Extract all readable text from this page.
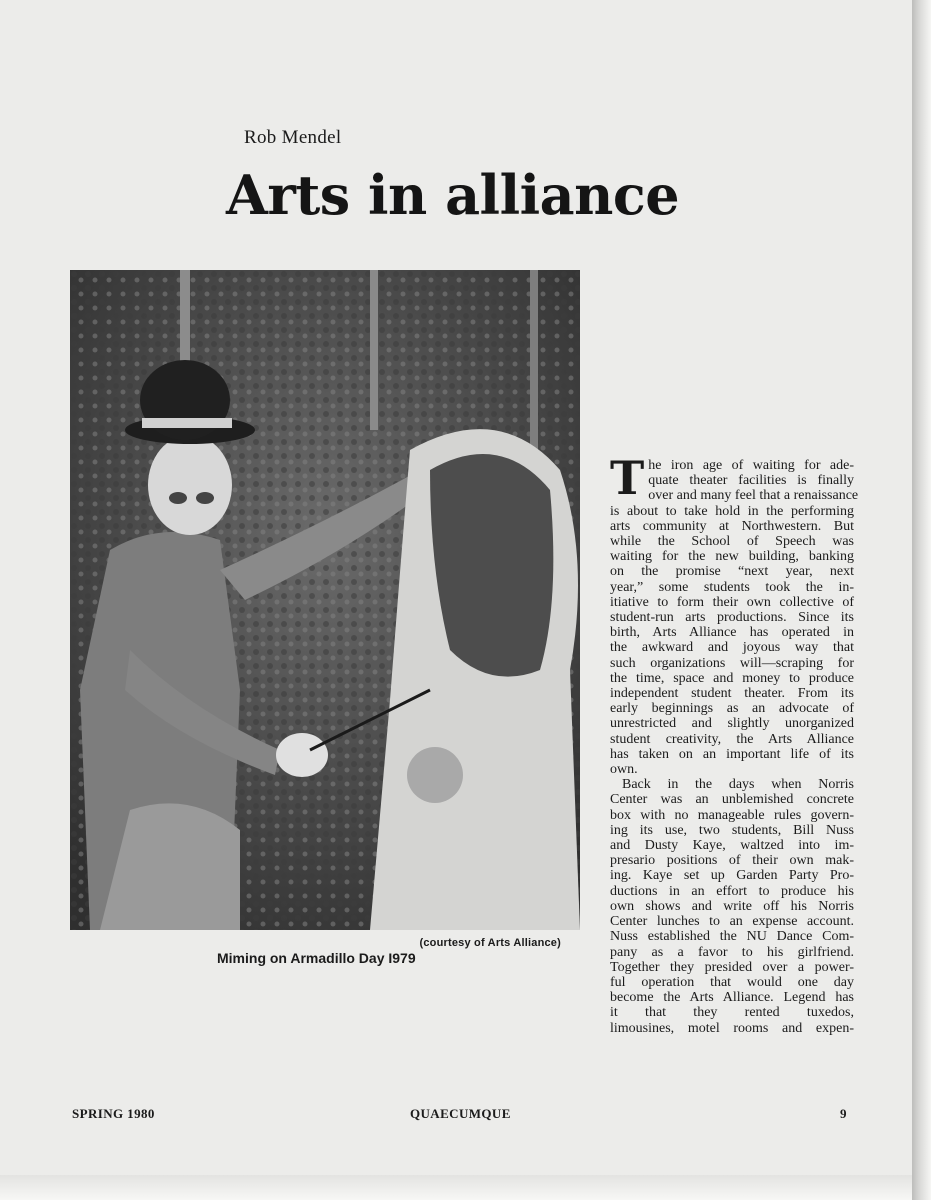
Rob Mendel
Arts in alliance
(courtesy of Arts Alliance)
Miming on Armadillo Day I979

T he iron age of waiting for ade-
quate theater facilities is finally
over and many feel that a renaissance
is about to take hold in the performing
arts community at Northwestern. But
while the School of Speech was
waiting for the new building, banking
on the promise “next year, next
year,” some students took the in-
itiative to form their own collective of
student-run arts productions. Since its
birth, Arts Alliance has operated in
the awkward and joyous way that
such organizations will—scraping for
the time, space and money to produce
independent student theater. From its
early beginnings as an advocate of
unrestricted and slightly unorganized
student creativity, the Arts Alliance
has taken on an important life of its
own.

Back in the days when Norris
Center was an unblemished concrete
box with no manageable rules govern-
ing its use, two students, Bill Nuss
and Dusty Kaye, waltzed into im-
presario positions of their own mak-
ing. Kaye set up Garden Party Pro-
ductions in an effort to produce his
own shows and write off his Norris
Center lunches to an expense account.
Nuss established the NU Dance Com-
pany as a favor to his girlfriend.
Together they presided over a power-
ful operation that would one day
become the Arts Alliance. Legend has
it that they rented tuxedos,
limousines, motel rooms and expen-

SPRING 1980	QUAECUMQUE	9
